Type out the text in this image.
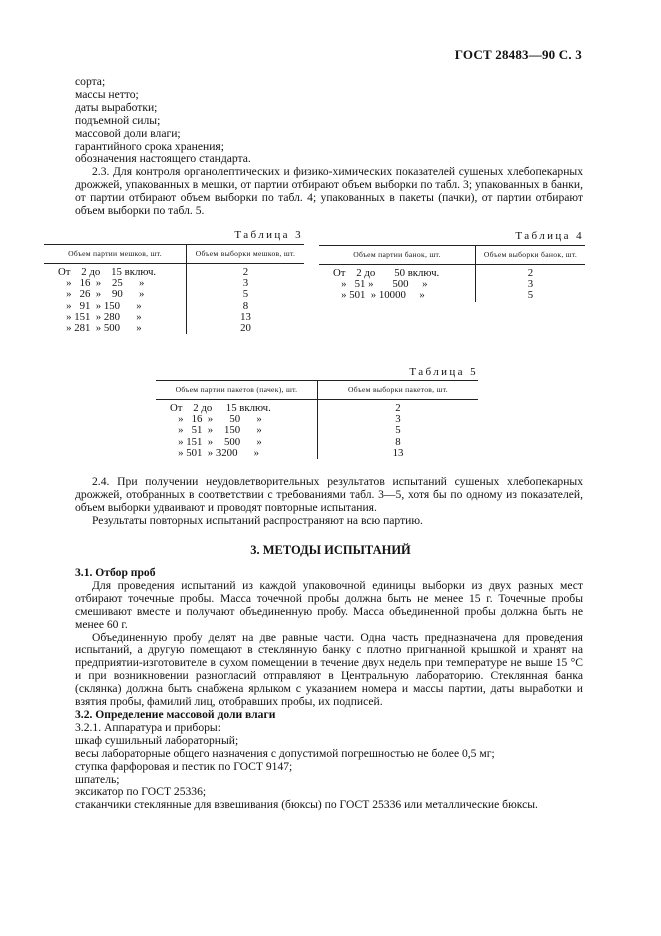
ГОСТ 28483—90 С. 3

сорта;

массы нетто;

даты выработки;

подъемной силы;

массовой доли влаги;

гарантийного срока хранения;

обозначения настоящего стандарта.

2.3. Для контроля органолептических и физико-химических показателей сушеных хлебопекарных дрожжей, упакованных в мешки, от партии отбирают объем выборки по табл. 3; упакованных в банки, от партии отбирают объем выборки по табл. 4; упакованных в пакеты (пачки), от партии отбирают объем выборки по табл. 5.

Таблица 3
Объем партии мешков, шт.	Объем выборки мешков, шт.
От    2 до    15 включ.	2
»   16  »    25      »	3
»   26  »    90      »	5
»   91  » 150      »	8
» 151  » 280      »	13
» 281  » 500      »	20
Таблица 4
Объем партии банок, шт.	Объем выборки банок, шт.
От    2 до       50 включ.	2
»   51 »       500     »	3
» 501  » 10000     »	5
Таблица 5
Объем партии пакетов (пачек), шт.	Объем выборки пакетов, шт.
От    2 до     15 включ.	2
»   16  »      50      »	3
»   51  »    150      »	5
» 151  »    500      »	8
» 501  » 3200      »	13

2.4. При получении неудовлетворительных результатов испытаний сушеных хлебопекарных дрожжей, отобранных в соответствии с требованиями табл. 3—5, хотя бы по одному из показателей, объем выборки удваивают и проводят повторные испытания.

Результаты повторных испытаний распространяют на всю партию.

3. МЕТОДЫ ИСПЫТАНИЙ

3.1. Отбор проб

Для проведения испытаний из каждой упаковочной единицы выборки из двух разных мест отбирают точечные пробы. Масса точечной пробы должна быть не менее 15 г. Точечные пробы смешивают вместе и получают объединенную пробу. Масса объединенной пробы должна быть не менее 60 г.

Объединенную пробу делят на две равные части. Одна часть предназначена для проведения испытаний, а другую помещают в стеклянную банку с плотно пригнанной крышкой и хранят на предприятии-изготовителе в сухом помещении в течение двух недель при температуре не выше 15 °С и при возникновении разногласий отправляют в Центральную лабораторию. Стеклянная банка (склянка) должна быть снабжена ярлыком с указанием номера и массы партии, даты выработки и взятия пробы, фамилий лиц, отобравших пробы, их подписей.

3.2. Определение массовой доли влаги

3.2.1. Аппаратура и приборы:

шкаф сушильный лабораторный;

весы лабораторные общего назначения с допустимой погрешностью не более 0,5 мг;

ступка фарфоровая и пестик по ГОСТ 9147;

шпатель;

эксикатор по ГОСТ 25336;

стаканчики стеклянные для взвешивания (бюксы) по ГОСТ 25336 или металлические бюксы.
